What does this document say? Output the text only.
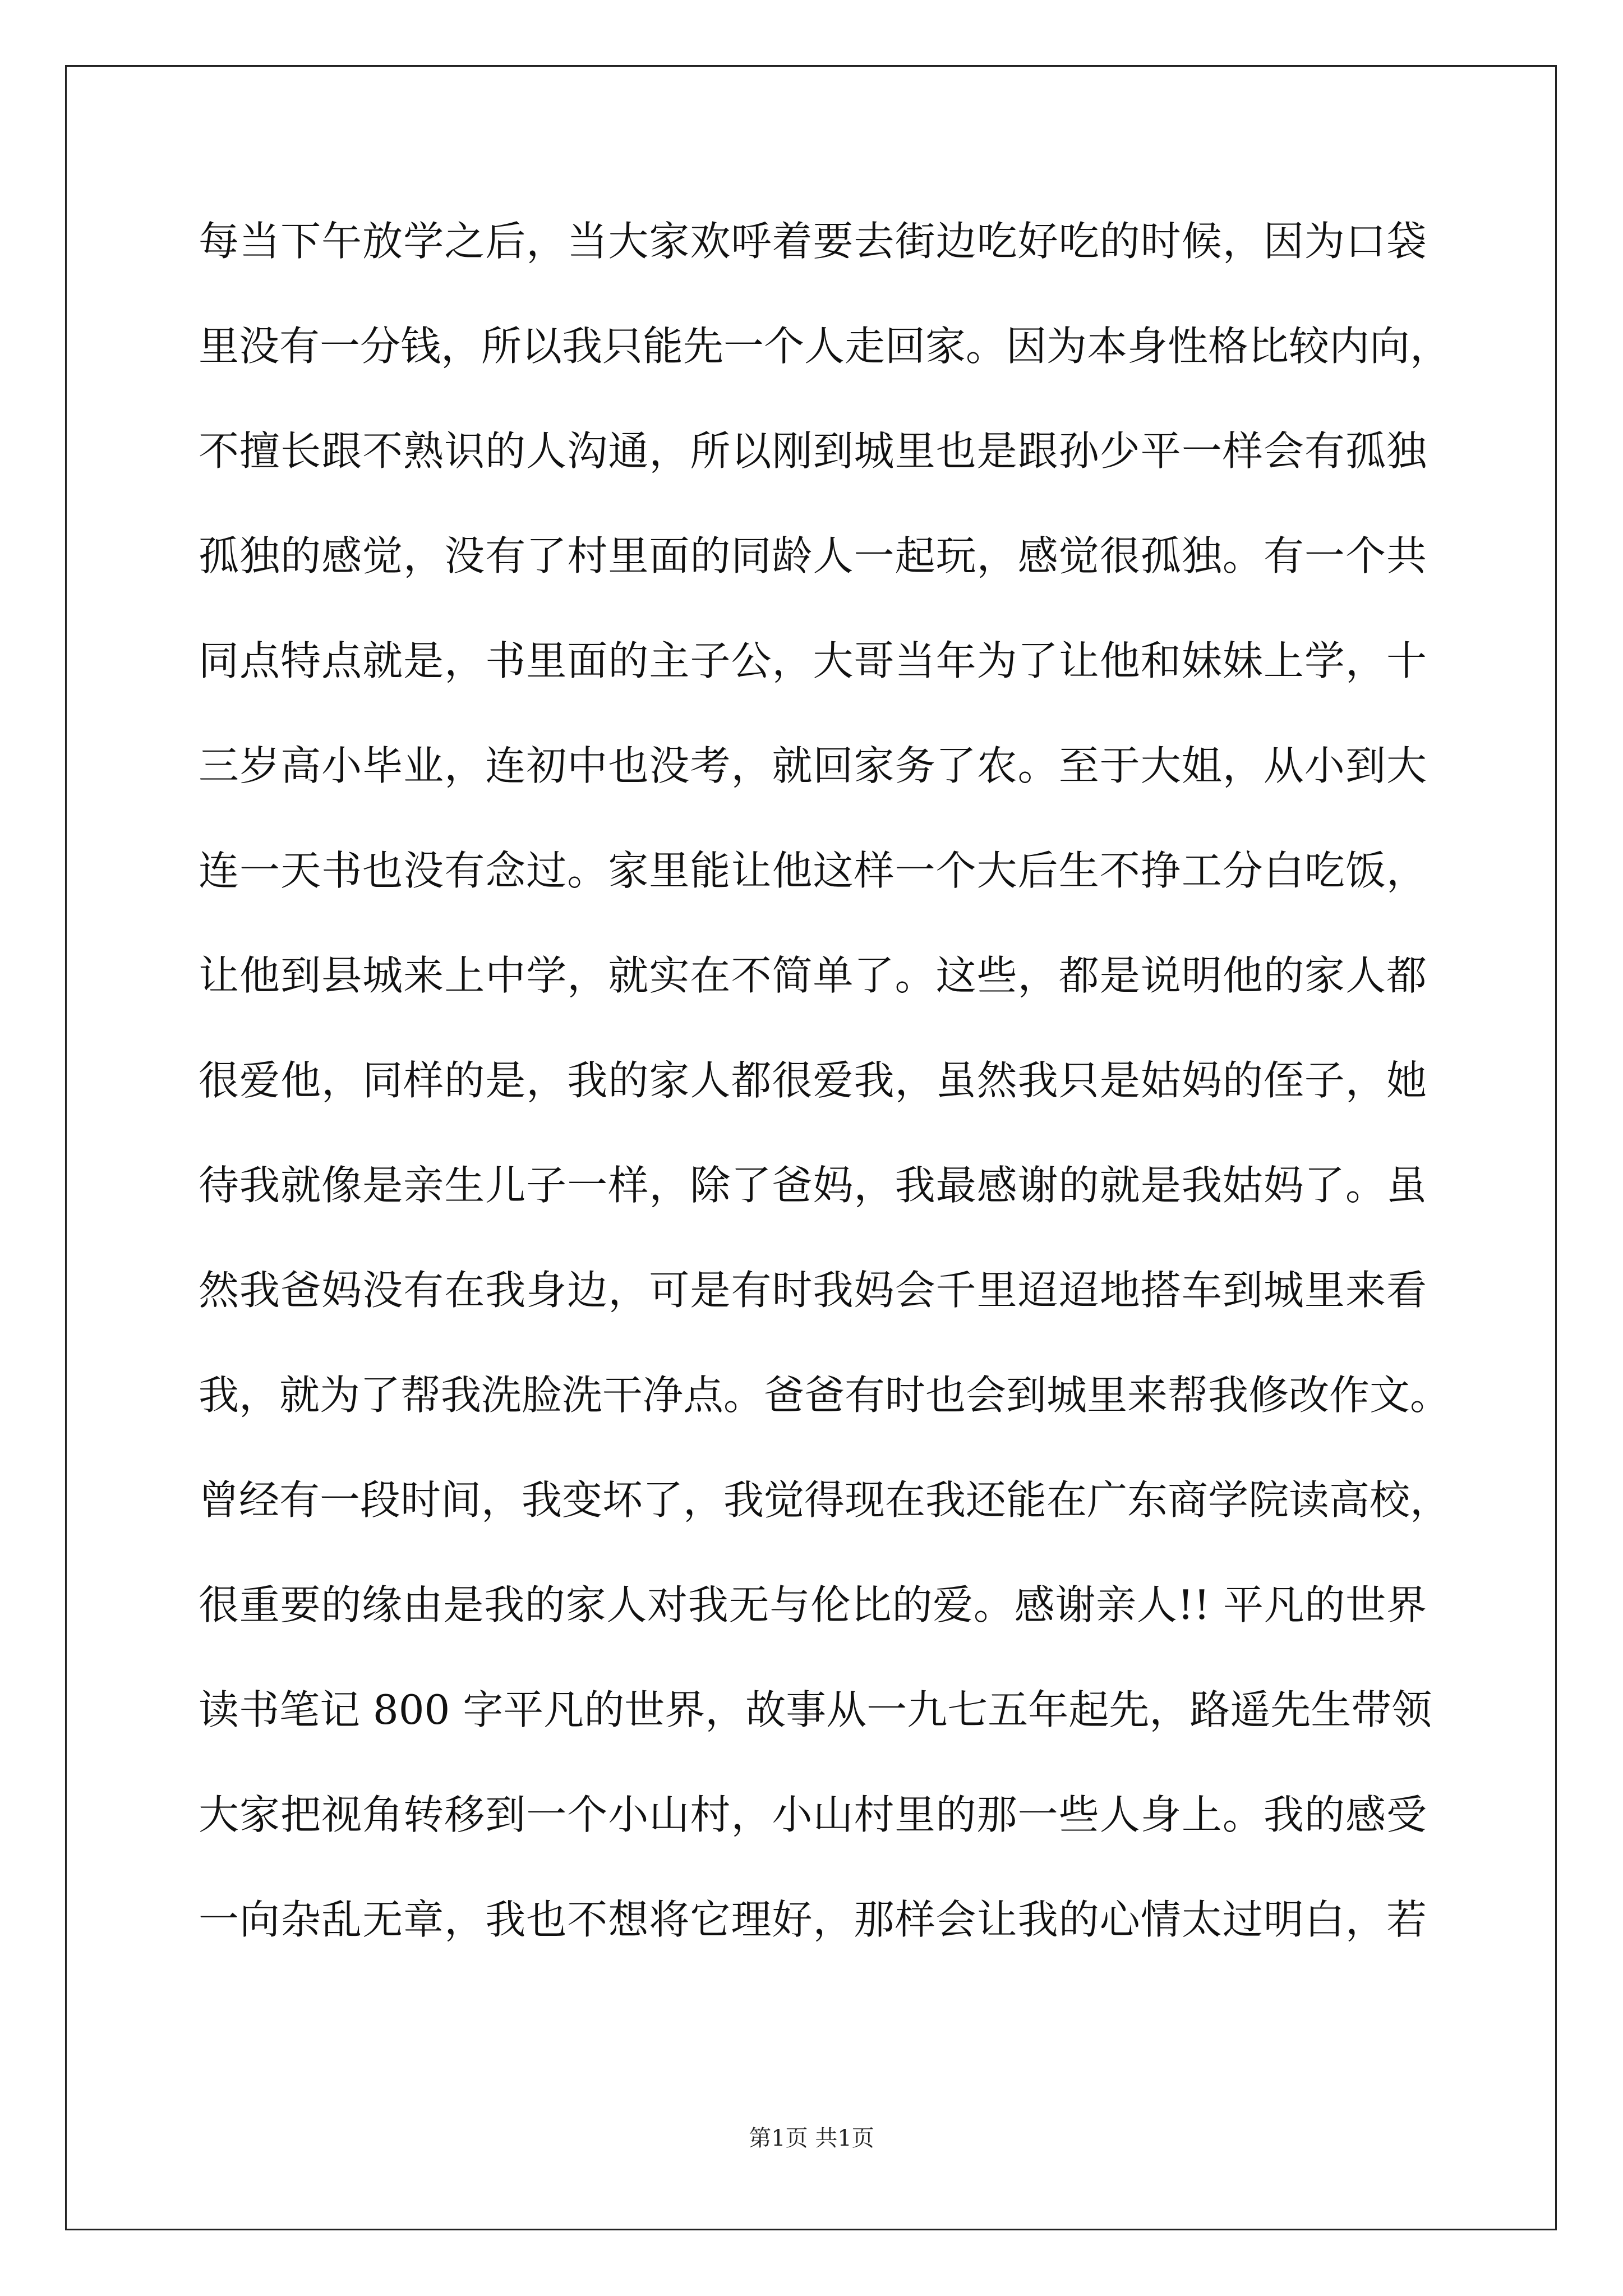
每当下午放学之后，当大家欢呼着要去街边吃好吃的时候，因为口袋
里没有一分钱，所以我只能先一个人走回家。因为本身性格比较内向，
不擅长跟不熟识的人沟通，所以刚到城里也是跟孙少平一样会有孤独
孤独的感觉，没有了村里面的同龄人一起玩，感觉很孤独。有一个共
同点特点就是，书里面的主子公，大哥当年为了让他和妹妹上学，十
三岁高小毕业，连初中也没考，就回家务了农。至于大姐，从小到大
连一天书也没有念过。家里能让他这样一个大后生不挣工分白吃饭，
让他到县城来上中学，就实在不简单了。这些，都是说明他的家人都
很爱他，同样的是，我的家人都很爱我，虽然我只是姑妈的侄子，她
待我就像是亲生儿子一样，除了爸妈，我最感谢的就是我姑妈了。虽
然我爸妈没有在我身边，可是有时我妈会千里迢迢地搭车到城里来看
我，就为了帮我洗脸洗干净点。爸爸有时也会到城里来帮我修改作文。
曾经有一段时间，我变坏了，我觉得现在我还能在广东商学院读高校，
很重要的缘由是我的家人对我无与伦比的爱。感谢亲人!! 平凡的世界
读书笔记 800 字平凡的世界，故事从一九七五年起先，路遥先生带领
大家把视角转移到一个小山村，小山村里的那一些人身上。我的感受
一向杂乱无章，我也不想将它理好，那样会让我的心情太过明白，若
第1页 共1页
